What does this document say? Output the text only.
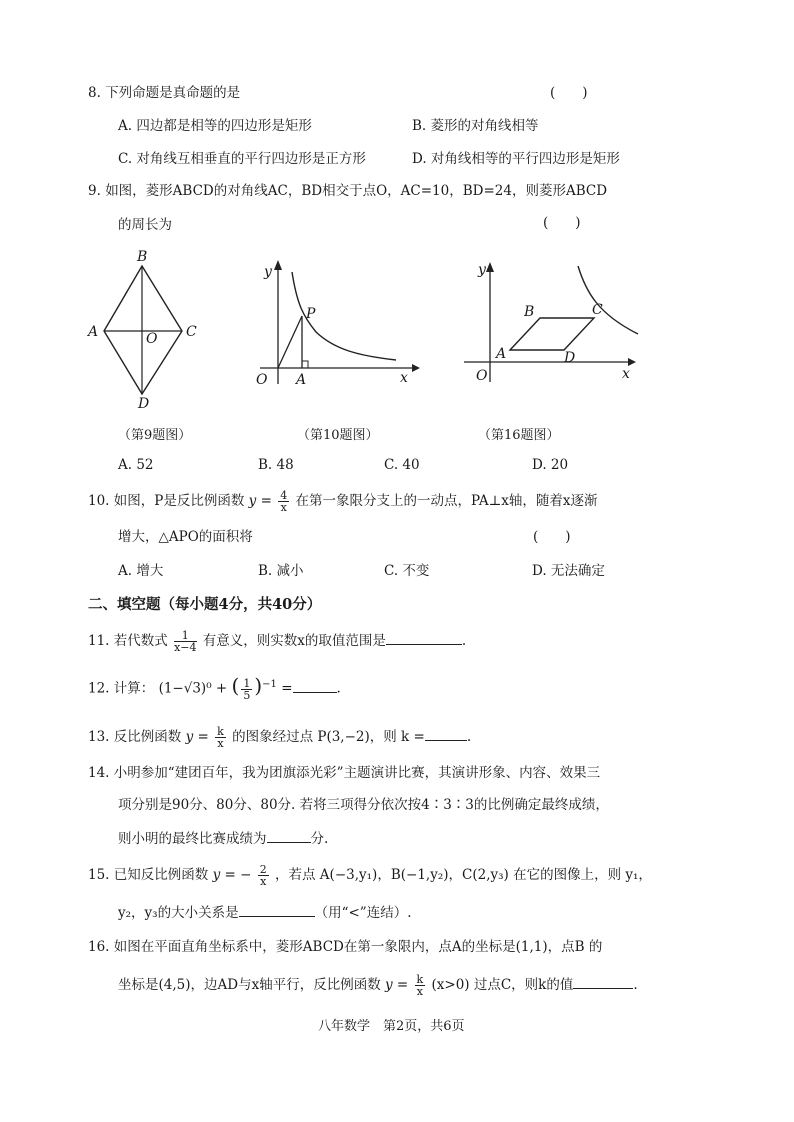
8. 下列命题是真命题的是	(　　)
A. 四边都是相等的四边形是矩形	B. 菱形的对角线相等
C. 对角线互相垂直的平行四边形是正方形	D. 对角线相等的平行四边形是矩形
9. 如图，菱形ABCD的对角线AC，BD相交于点O，AC=10，BD=24，则菱形ABCD
的周长为	(　　)
B
A	O C
D
（第9题图）
y
P
O A	x
（第10题图）
y
B	C
A	D
O	x
（第16题图）
A. 52	B. 48	C. 40	D. 20
10. 如图，P是反比例函数 $y = \frac{4}{x}$ 在第一象限分支上的一动点，PA⊥x轴，随着x逐渐
增大，△APO的面积将	(　　)
A. 增大	B. 减小	C. 不变	D. 无法确定
二、填空题（每小题4分，共40分）
11. 若代数式 $\frac{1}{x-4}$ 有意义，则实数x的取值范围是	.
12. 计算： (1−√3)⁰ + ( $\frac{1}{5} )^{-1}$ =	.
13. 反比例函数 $y = \frac{k}{x}$ 的图象经过点 P(3,−2)，则 k =	.
14. 小明参加“建团百年，我为团旗添光彩”主题演讲比赛，其演讲形象、内容、效果三
项分别是90分、80分、80分. 若将三项得分依次按4∶3∶3的比例确定最终成绩，
则小明的最终比赛成绩为	分.
15. 已知反比例函数 y = − $\frac{2}{x}$ ，若点 A(−3,y₁)，B(−1,y₂)，C(2,y₃) 在它的图像上，则 y₁，
y₂，y₃的大小关系是	（用“<”连结）.
16. 如图在平面直角坐标系中，菱形ABCD在第一象限内，点A的坐标是(1,1)，点B 的
坐标是(4,5)，边AD与x轴平行，反比例函数 $y = \frac{k}{x} (x>0)$ 过点C，则k的值	.
八年数学　第2页，共6页
